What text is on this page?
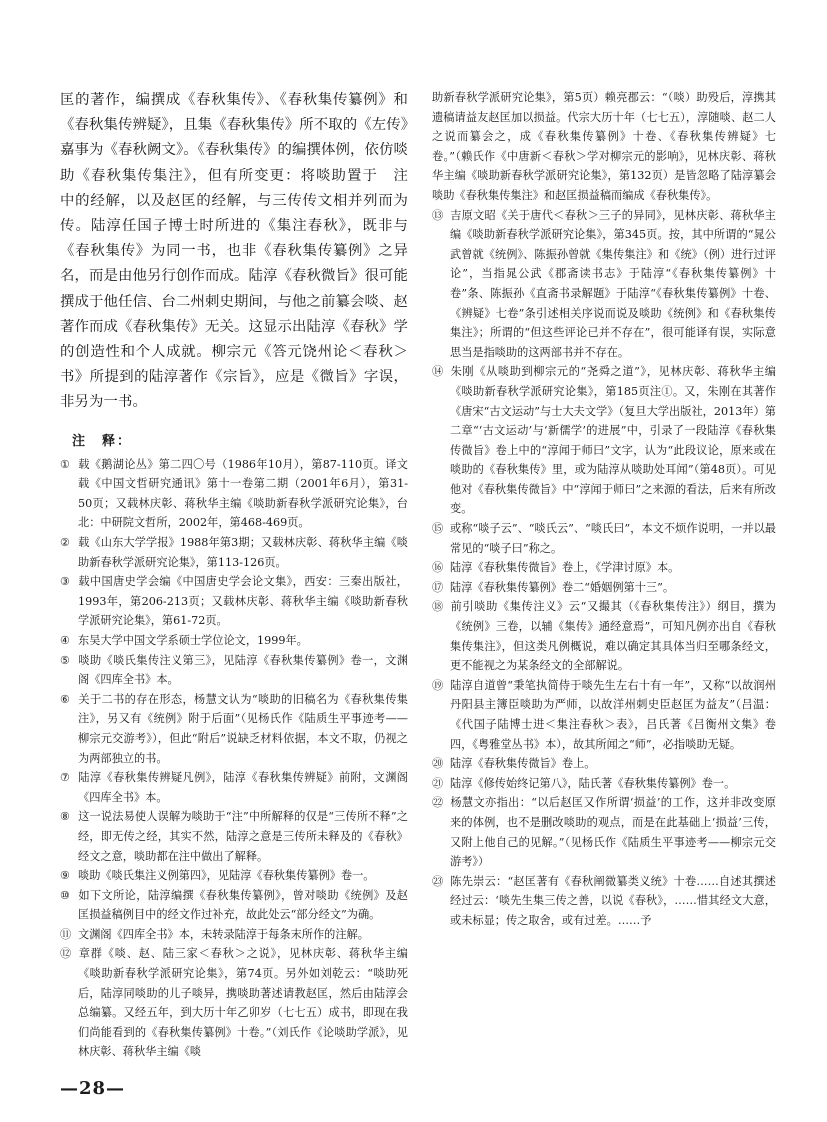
匡的著作，编撰成《春秋集传》、《春秋集传纂例》和《春秋集传辨疑》，且集《春秋集传》所不取的《左传》嘉事为《春秋阙文》。《春秋集传》的编撰体例，依仿啖助《春秋集传集注》，但有所变更：将啖助置于　注　中的经解，以及赵匡的经解，与三传传文相并列而为传。陆淳任国子博士时所进的《集注春秋》，既非与《春秋集传》为同一书，也非《春秋集传纂例》之异名，而是由他另行创作而成。陆淳《春秋微旨》很可能撰成于他任信、台二州刺史期间，与他之前纂会啖、赵著作而成《春秋集传》无关。这显示出陆淳《春秋》学的创造性和个人成就。柳宗元《答元饶州论＜春秋＞书》所提到的陆淳著作《宗旨》，应是《微旨》字误，非另为一书。

注　释：

① 载《鹅湖论丛》第二四〇号（1986年10月），第87-110页。译文载《中国文哲研究通讯》第十一卷第二期（2001年6月），第31-50页；又载林庆彰、蒋秋华主编《啖助新春秋学派研究论集》，台北：中研院文哲所，2002年，第468-469页。

② 载《山东大学学报》1988年第3期；又载林庆彰、蒋秋华主编《啖助新春秋学派研究论集》，第113-126页。

③ 载中国唐史学会编《中国唐史学会论文集》，西安：三秦出版社，1993年，第206-213页；又载林庆彰、蒋秋华主编《啖助新春秋学派研究论集》，第61-72页。

④ 东吴大学中国文学系硕士学位论文，1999年。

⑤ 啖助《啖氏集传注义第三》，见陆淳《春秋集传纂例》卷一，文渊阁《四库全书》本。

⑥ 关于二书的存在形态，杨慧文认为“啖助的旧稿名为《春秋集传集注》，另又有《统例》附于后面”（见杨氏作《陆质生平事迹考——柳宗元交游考》），但此“附后”说缺乏材料依据，本文不取，仍视之为两部独立的书。

⑦ 陆淳《春秋集传辨疑凡例》，陆淳《春秋集传辨疑》前附，文渊阁《四库全书》本。

⑧ 这一说法易使人误解为啖助于“注”中所解释的仅是“三传所不释”之经，即无传之经，其实不然，陆淳之意是三传所未释及的《春秋》经文之意，啖助都在注中做出了解释。

⑨ 啖助《啖氏集注义例第四》，见陆淳《春秋集传纂例》卷一。

⑩ 如下文所论，陆淳编撰《春秋集传纂例》，曾对啖助《统例》及赵匡损益稿例目中的经文作过补充，故此处云“部分经文”为确。

⑪ 文渊阁《四库全书》本，未转录陆淳于每条末所作的注解。

⑫ 章群《啖、赵、陆三家＜春秋＞之说》，见林庆彰、蒋秋华主编《啖助新春秋学派研究论集》，第74页。另外如刘乾云：“啖助死后，陆淳同啖助的儿子啖异，携啖助著述请教赵匡，然后由陆淳会总编纂。又经五年，到大历十年乙卯岁（七七五）成书，即现在我们尚能看到的《春秋集传纂例》十卷。”（刘氏作《论啖助学派》，见林庆彰、蒋秋华主编《啖

助新春秋学派研究论集》，第5页）赖亮郡云：“（啖）助殁后，淳携其遗稿请益友赵匡加以损益。代宗大历十年（七七五），淳随啖、赵二人之说而纂会之，成《春秋集传纂例》十卷、《春秋集传辨疑》七卷。”（赖氏作《中唐新＜春秋＞学对柳宗元的影响》，见林庆彰、蒋秋华主编《啖助新春秋学派研究论集》，第132页）是皆忽略了陆淳纂会啖助《春秋集传集注》和赵匡损益稿而编成《春秋集传》。

⑬ 吉原文昭《关于唐代＜春秋＞三子的异同》，见林庆彰、蒋秋华主编《啖助新春秋学派研究论集》，第345页。按，其中所谓的“晁公武曾就《统例》、陈振孙曾就《集传集注》和《统》（例）进行过评论”，当指晁公武《郡斋读书志》于陆淳“《春秋集传纂例》十卷”条、陈振孙《直斋书录解题》于陆淳“《春秋集传纂例》十卷、《辨疑》七卷”条引述相关序说而说及啖助《统例》和《春秋集传集注》；所谓的“但这些评论已并不存在”，很可能译有误，实际意思当是指啖助的这两部书并不存在。

⑭ 朱刚《从啖助到柳宗元的“尧舜之道”》，见林庆彰、蒋秋华主编《啖助新春秋学派研究论集》，第185页注①。又，朱刚在其著作《唐宋“古文运动”与士大夫文学》（复旦大学出版社，2013年）第二章“‘古文运动’与‘新儒学’的进展”中，引录了一段陆淳《春秋集传微旨》卷上中的“淳闻于师曰”文字，认为“此段议论，原来或在啖助的《春秋集传》里，或为陆淳从啖助处耳闻”（第48页）。可见他对《春秋集传微旨》中“淳闻于师曰”之来源的看法，后来有所改变。

⑮ 或称“啖子云”、“啖氏云”、“啖氏曰”，本文不烦作说明，一并以最常见的“啖子曰”称之。

⑯ 陆淳《春秋集传微旨》卷上，《学津讨原》本。

⑰ 陆淳《春秋集传纂例》卷二“婚姻例第十三”。

⑱ 前引啖助《集传注义》云“又撮其（《春秋集传注》）纲目，撰为《统例》三卷，以辅《集传》通经意焉”，可知凡例亦出自《春秋集传集注》，但这类凡例概说，难以确定其具体当归至哪条经文，更不能视之为某条经文的全部解说。

⑲ 陆淳自道曾“秉笔执简侍于啖先生左右十有一年”，又称“以故润州丹阳县主簿臣啖助为严师，以故洋州刺史臣赵匡为益友”（吕温：《代国子陆博士进＜集注春秋＞表》，吕氏著《吕衡州文集》卷四，《粤雅堂丛书》本），故其所闻之“师”，必指啖助无疑。

⑳ 陆淳《春秋集传微旨》卷上。

㉑ 陆淳《修传始终记第八》，陆氏著《春秋集传纂例》卷一。

㉒ 杨慧文亦指出：“以后赵匡又作所谓‘损益’的工作，这并非改变原来的体例，也不是删改啖助的观点，而是在此基础上‘损益’三传，又附上他自己的见解。”（见杨氏作《陆质生平事迹考——柳宗元交游考》）

㉓ 陈先崇云：“赵匡著有《春秋阐微纂类义统》十卷……自述其撰述经过云：‘啖先生集三传之善，以说《春秋》，……惜其经文大意，或未标显；传之取舍，或有过差。……予

—28—
